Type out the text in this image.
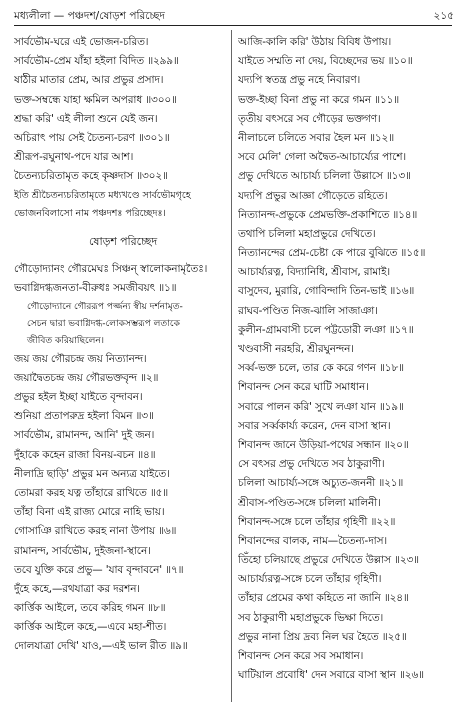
মধ্যলীলা — পঞ্চদশ/ষোড়শ পরিচ্ছেদ	২১৫
সার্বভৌম-ঘরে এই ভোজন-চরিত।
সার্বভৌম-প্রেম যাঁহা হইলা বিদিত ॥২৯৯॥
ষাঠীর মাতার প্রেম, আর প্রভুর প্রসাদ।
ভক্ত-সম্বন্ধে যাহা ক্ষমিল অপরাধ ॥৩০০॥
শ্রদ্ধা করি' এই লীলা শুনে যেই জন।
অচিরাৎ পায় সেই চৈতন্য-চরণ ॥৩০১॥
শ্রীরূপ-রঘুনাথ-পদে যার আশ।
চৈতন্যচরিতামৃত কহে কৃষ্ণদাস ॥৩০২॥
ইতি শ্রীচৈতন্যচরিতামৃতে মধ্যখণ্ডে সার্বভৌমগৃহে
ভোজনবিলাসো নাম পঞ্চদশঃ পরিচ্ছেদঃ।
ষোড়শ পরিচ্ছেদ
গৌড়োদ্যানং গৌরমেঘঃ সিঞ্চন্‌ স্বালোকনামৃতৈঃ।
ভবাগ্নিদগ্ধজনতা-বীরুধঃ সমজীবয়ৎ ॥১॥
গৌড়োদ্যানে গৌররূপ পর্জ্জন্য স্বীয় দর্শনামৃত-
সেচন দ্বারা ভবাগ্নিদগ্ধ-লোকসম্ভরূপ লতাকে
জীবিত করিয়াছিলেন।
জয় জয় গৌরচন্দ্র জয় নিত্যানন্দ।
জয়াদ্বৈতচন্দ্র জয় গৌরভক্তবৃন্দ ॥২॥
প্রভুর হইল ইচ্ছা যাইতে বৃন্দাবন।
শুনিয়া প্রতাপরুদ্র হইলা বিমন ॥৩॥
সার্বভৌম, রামানন্দ, আনি' দুই জন।
দুঁহাকে কহেন রাজা বিনয়-বচন ॥৪॥
নীলাদ্রি ছাড়ি' প্রভুর মন অন্যত্র যাইতে।
তোমরা করহ যত্ন তাঁহারে রাখিতে ॥৫॥
তাঁহা বিনা এই রাজ্য মোরে নাহি ভায়।
গোসাঞি রাখিতে করহ নানা উপায় ॥৬॥
রামানন্দ, সার্বভৌম, দুইজনা-স্থানে।
তবে যুক্তি করে প্রভু— 'যাব বৃন্দাবনে' ॥৭॥
দুঁহে কহে,—রথযাত্রা কর দরশন।
কার্ত্তিক আইলে, তবে করিহ গমন ॥৮॥
কার্ত্তিক আইলে কহে,—এবে মহা-শীত।
দোলযাত্রা দেখি' যাও,—এই ভাল রীত ॥৯॥
আজি-কালি করি' উঠায় বিবিধ উপায়।
যাইতে সম্মতি না দেয়, বিচ্ছেদের ভয় ॥১০॥
যদ্যপি স্বতন্ত্র প্রভু নহে নিবারণ।
ভক্ত-ইচ্ছা বিনা প্রভু না করে গমন ॥১১॥
তৃতীয় বৎসরে সব গৌড়ের ভক্তগণ।
নীলাচলে চলিতে সবার হৈল মন ॥১২॥
সবে মেলি' গেলা অদ্বৈত-আচার্য্যের পাশে।
প্রভু দেখিতে আচার্য্য চলিলা উল্লাসে ॥১৩॥
যদ্যপি প্রভুর আজ্ঞা গৌড়েতে রহিতে।
নিত্যানন্দ-প্রভুকে প্রেমভক্তি-প্রকাশিতে ॥১৪॥
তথাপি চলিলা মহাপ্রভুরে দেখিতে।
নিত্যানন্দের প্রেম-চেষ্টা কে পারে বুঝিতে ॥১৫॥
আচার্য্যরত্ন, বিদ্যানিধি, শ্রীবাস, রামাই।
বাসুদেব, মুরারি, গোবিন্দাদি তিন-ভাই ॥১৬॥
রাঘব-পণ্ডিত নিজ-ঝালি সাজাঞা।
কুলীন-গ্রামবাসী চলে পট্টডোরী লঞা ॥১৭॥
খণ্ডবাসী নরহরি, শ্রীরঘুনন্দন।
সর্ব্ব-ভক্ত চলে, তার কে করে গণন ॥১৮॥
শিবানন্দ সেন করে ঘাটি সমাধান।
সবারে পালন করি' সুখে লঞা যান ॥১৯॥
সবার সর্ব্বকার্য্য করেন, দেন বাসা স্থান।
শিবানন্দ জানে উড়িয়া-পথের সন্ধান ॥২০॥
সে বৎসর প্রভু দেখিতে সব ঠাকুরাণী।
চলিলা আচার্য্য-সঙ্গে অচ্যুত-জননী ॥২১॥
শ্রীবাস-পণ্ডিত-সঙ্গে চলিলা মালিনী।
শিবানন্দ-সঙ্গে চলে তাঁহার গৃহিণী ॥২২॥
শিবানন্দের বালক, নাম—চৈতন্য-দাস।
তিঁহো চলিয়াছে প্রভুরে দেখিতে উল্লাস ॥২৩॥
আচার্য্যরত্ন-সঙ্গে চলে তাঁহার গৃহিণী।
তাঁহার প্রেমের কথা কহিতে না জানি ॥২৪॥
সব ঠাকুরাণী মহাপ্রভুকে ভিক্ষা দিতে।
প্রভুর নানা প্রিয় দ্রব্য নিল ঘর হৈতে ॥২৫॥
শিবানন্দ সেন করে সব সমাধান।
ঘাটিয়াল প্রবোধি' দেন সবারে বাসা স্থান ॥২৬॥
